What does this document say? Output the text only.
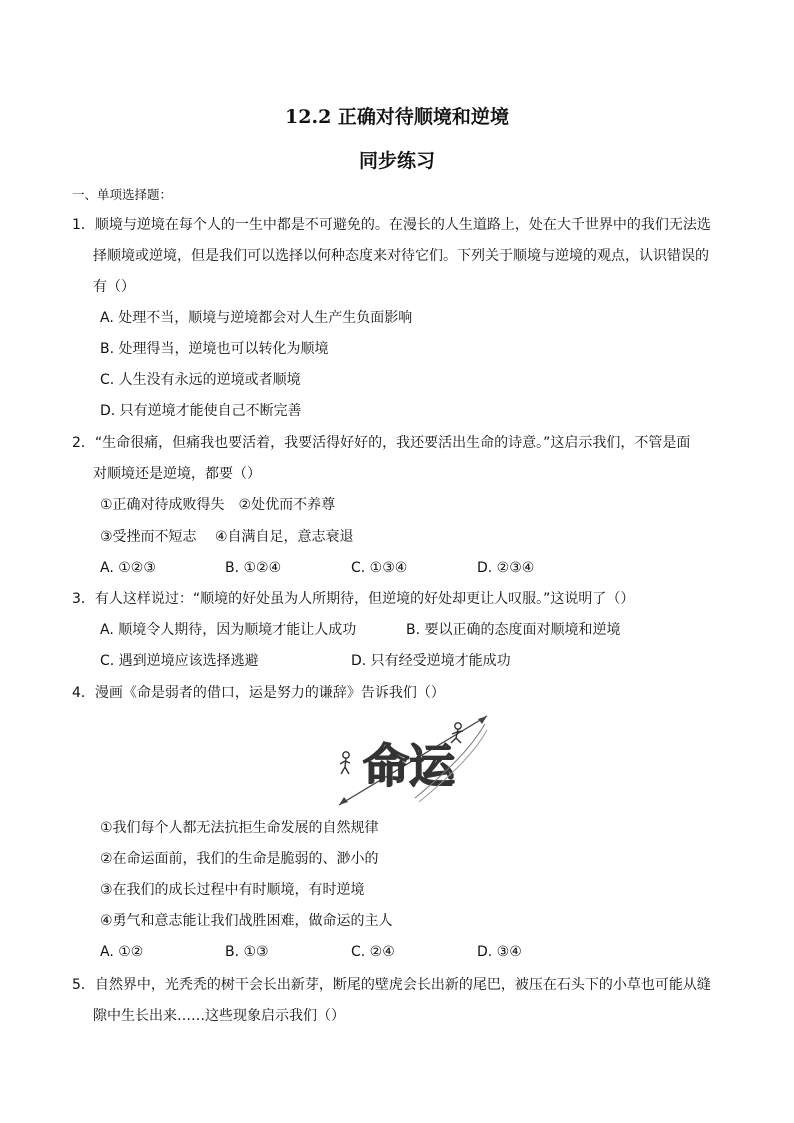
12.2 正确对待顺境和逆境
同步练习
一、单项选择题：
1．顺境与逆境在每个人的一生中都是不可避免的。在漫长的人生道路上，处在大千世界中的我们无法选
择顺境或逆境，但是我们可以选择以何种态度来对待它们。下列关于顺境与逆境的观点，认识错误的
有（）
A. 处理不当，顺境与逆境都会对人生产生负面影响
B. 处理得当，逆境也可以转化为顺境
C. 人生没有永远的逆境或者顺境
D. 只有逆境才能使自己不断完善
2．“生命很痛，但痛我也要活着，我要活得好好的，我还要活出生命的诗意。”这启示我们，不管是面
对顺境还是逆境，都要（）
①正确对待成败得失　②处优而不养尊
③受挫而不短志　 ④自满自足，意志衰退
A. ①②③	B. ①②④	C. ①③④	D. ②③④
3．有人这样说过：“顺境的好处虽为人所期待，但逆境的好处却更让人叹服。”这说明了（）
A. 顺境令人期待，因为顺境才能让人成功	B. 要以正确的态度面对顺境和逆境
C. 遇到逆境应该选择逃避	D. 只有经受逆境才能成功
4．漫画《命是弱者的借口，运是努力的谦辞》告诉我们（）
命运
①我们每个人都无法抗拒生命发展的自然规律
②在命运面前，我们的生命是脆弱的、渺小的
③在我们的成长过程中有时顺境，有时逆境
④勇气和意志能让我们战胜困难，做命运的主人
A. ①②	B. ①③	C. ②④	D. ③④
5．自然界中，光秃秃的树干会长出新芽，断尾的壁虎会长出新的尾巴，被压在石头下的小草也可能从缝
隙中生长出来……这些现象启示我们（）
